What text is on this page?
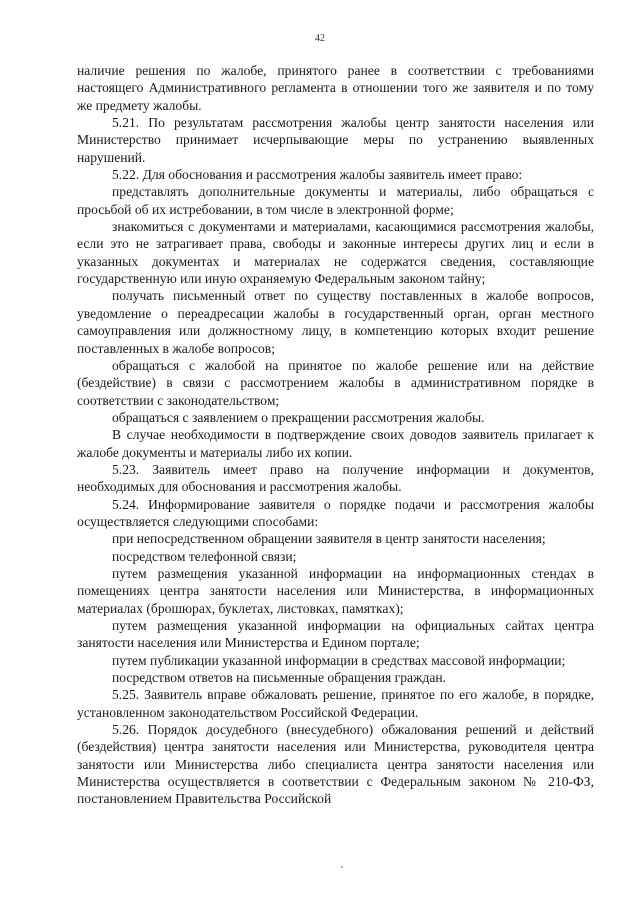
42

наличие решения по жалобе, принятого ранее в соответствии с требованиями настоящего Административного регламента в отношении того же заявителя и по тому же предмету жалобы.

5.21. По результатам рассмотрения жалобы центр занятости населения или Министерство принимает исчерпывающие меры по устранению выявленных нарушений.

5.22. Для обоснования и рассмотрения жалобы заявитель имеет право:

представлять дополнительные документы и материалы, либо обращаться с просьбой об их истребовании, в том числе в электронной форме;

знакомиться с документами и материалами, касающимися рассмотрения жалобы, если это не затрагивает права, свободы и законные интересы других лиц и если в указанных документах и материалах не содержатся сведения, составляющие государственную или иную охраняемую Федеральным законом тайну;

получать письменный ответ по существу поставленных в жалобе вопросов, уведомление о переадресации жалобы в государственный орган, орган местного самоуправления или должностному лицу, в компетенцию которых входит решение поставленных в жалобе вопросов;

обращаться с жалобой на принятое по жалобе решение или на действие (бездействие) в связи с рассмотрением жалобы в административном порядке в соответствии с законодательством;

обращаться с заявлением о прекращении рассмотрения жалобы.

В случае необходимости в подтверждение своих доводов заявитель прилагает к жалобе документы и материалы либо их копии.

5.23. Заявитель имеет право на получение информации и документов, необходимых для обоснования и рассмотрения жалобы.

5.24. Информирование заявителя о порядке подачи и рассмотрения жалобы осуществляется следующими способами:

при непосредственном обращении заявителя в центр занятости населения;

посредством телефонной связи;

путем размещения указанной информации на информационных стендах в помещениях центра занятости населения или Министерства, в информационных материалах (брошюрах, буклетах, листовках, памятках);

путем размещения указанной информации на официальных сайтах центра занятости населения или Министерства и Едином портале;

путем публикации указанной информации в средствах массовой информации;

посредством ответов на письменные обращения граждан.

5.25. Заявитель вправе обжаловать решение, принятое по его жалобе, в порядке, установленном законодательством Российской Федерации.

5.26. Порядок досудебного (внесудебного) обжалования решений и действий (бездействия) центра занятости населения или Министерства, руководителя центра занятости или Министерства либо специалиста центра занятости населения или Министерства осуществляется в соответствии с Федеральным законом № 210-ФЗ, постановлением Правительства Российской
